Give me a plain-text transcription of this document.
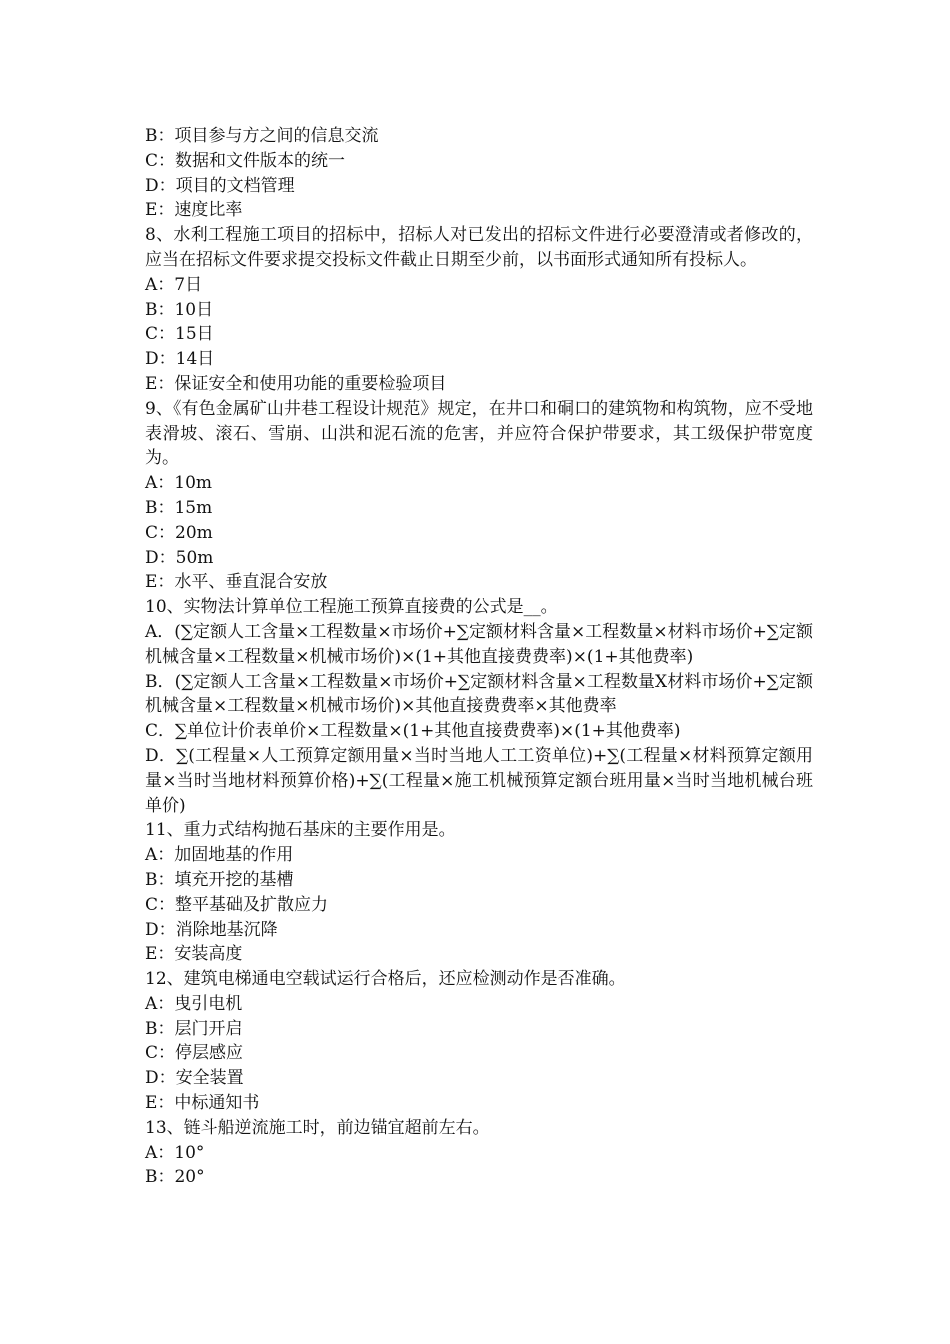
B：项目参与方之间的信息交流

C：数据和文件版本的统一

D：项目的文档管理

E：速度比率

8、水利工程施工项目的招标中，招标人对已发出的招标文件进行必要澄清或者修改的，应当在招标文件要求提交投标文件截止日期至少前，以书面形式通知所有投标人。

A：7日

B：10日

C：15日

D：14日

E：保证安全和使用功能的重要检验项目

9、《有色金属矿山井巷工程设计规范》规定，在井口和硐口的建筑物和构筑物，应不受地表滑坡、滚石、雪崩、山洪和泥石流的危害，并应符合保护带要求，其工级保护带宽度为。

A：10m

B：15m

C：20m

D：50m

E：水平、垂直混合安放

10、实物法计算单位工程施工预算直接费的公式是__。

A．(∑定额人工含量×工程数量×市场价+∑定额材料含量×工程数量×材料市场价+∑定额机械含量×工程数量×机械市场价)×(1+其他直接费费率)×(1+其他费率)

B．(∑定额人工含量×工程数量×市场价+∑定额材料含量×工程数量X材料市场价+∑定额机械含量×工程数量×机械市场价)×其他直接费费率×其他费率

C．∑单位计价表单价×工程数量×(1+其他直接费费率)×(1+其他费率)

D．∑(工程量×人工预算定额用量×当时当地人工工资单位)+∑(工程量×材料预算定额用量×当时当地材料预算价格)+∑(工程量×施工机械预算定额台班用量×当时当地机械台班单价)

11、重力式结构抛石基床的主要作用是。

A：加固地基的作用

B：填充开挖的基槽

C：整平基础及扩散应力

D：消除地基沉降

E：安装高度

12、建筑电梯通电空载试运行合格后，还应检测动作是否准确。

A：曳引电机

B：层门开启

C：停层感应

D：安全装置

E：中标通知书

13、链斗船逆流施工时，前边锚宜超前左右。

A：10°

B：20°
